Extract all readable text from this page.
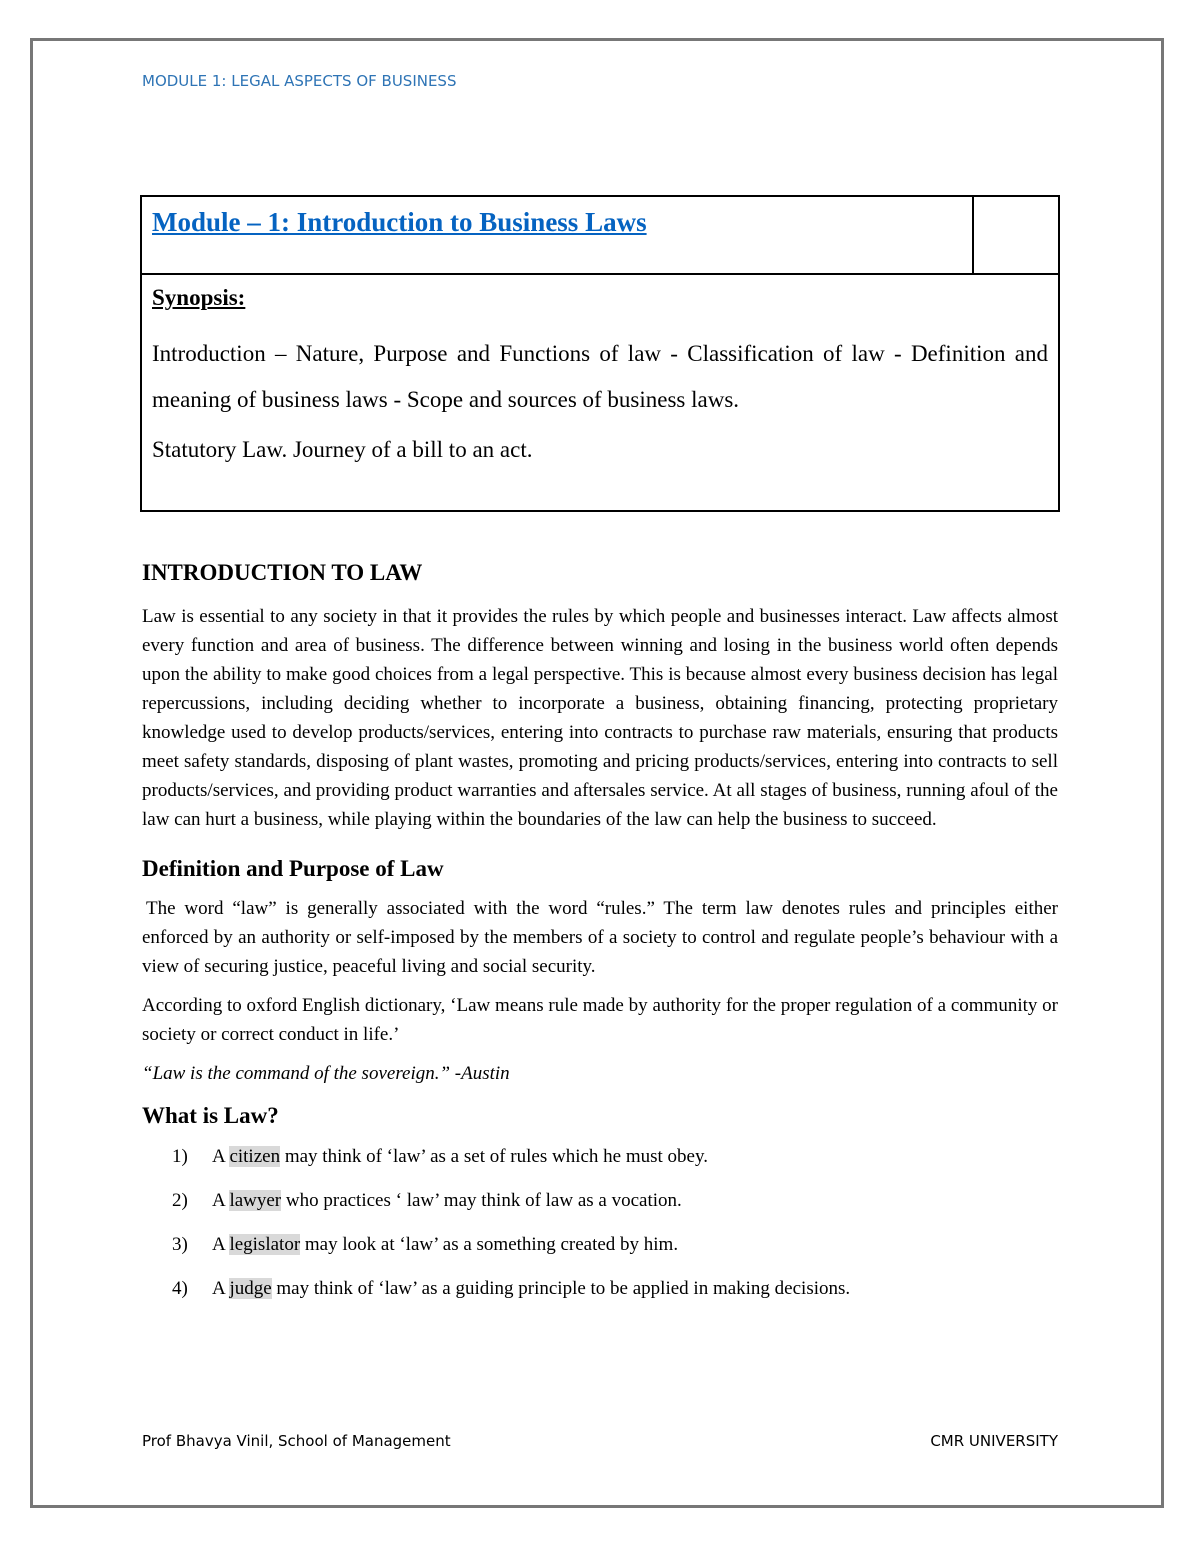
MODULE 1: LEGAL ASPECTS OF BUSINESS
Module – 1: Introduction to Business Laws
Synopsis:
Introduction – Nature, Purpose and Functions of law - Classification of law - Definition and meaning of business laws - Scope and sources of business laws.
Statutory Law. Journey of a bill to an act.
INTRODUCTION TO LAW

Law is essential to any society in that it provides the rules by which people and businesses interact. Law affects almost every function and area of business. The difference between winning and losing in the business world often depends upon the ability to make good choices from a legal perspective. This is because almost every business decision has legal repercussions, including deciding whether to incorporate a business, obtaining financing, protecting proprietary knowledge used to develop products/services, entering into contracts to purchase raw materials, ensuring that products meet safety standards, disposing of plant wastes, promoting and pricing products/services, entering into contracts to sell products/services, and providing product warranties and aftersales service. At all stages of business, running afoul of the law can hurt a business, while playing within the boundaries of the law can help the business to succeed.

Definition and Purpose of Law

The word “law” is generally associated with the word “rules.” The term law denotes rules and principles either enforced by an authority or self-imposed by the members of a society to control and regulate people’s behaviour with a view of securing justice, peaceful living and social security.

According to oxford English dictionary, ‘Law means rule made by authority for the proper regulation of a community or society or correct conduct in life.’

“Law is the command of the sovereign.” -Austin
What is Law?
1) A citizen may think of ‘law’ as a set of rules which he must obey.
2) A lawyer who practices ‘ law’ may think of law as a vocation.
3) A legislator may look at ‘law’ as a something created by him.
4) A judge may think of ‘law’ as a guiding principle to be applied in making decisions.
Prof Bhavya Vinil, School of Management	CMR UNIVERSITY
